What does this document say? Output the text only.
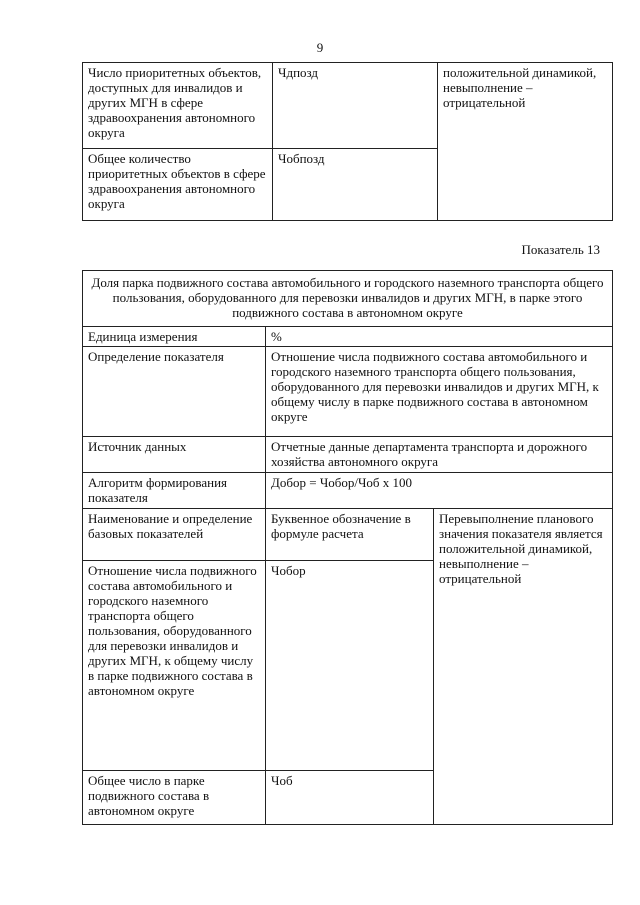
9
Число приоритетных объектов, доступных для инвалидов и других МГН в сфере здравоохранения автономного округа	Чдпозд	положительной динамикой, невыполнение – отрицательной
Общее количество приоритетных объектов в сфере здравоохранения автономного округа	Чобпозд	
Показатель 13
Доля парка подвижного состава автомобильного и городского наземного транспорта общего пользования, оборудованного для перевозки инвалидов и других МГН, в парке этого подвижного состава в автономном округе		
Единица измерения	%	
Определение показателя	Отношение числа подвижного состава автомобильного и городского наземного транспорта общего пользования, оборудованного для перевозки инвалидов и других МГН, к общему числу в парке подвижного состава в автономном округе	
Источник данных	Отчетные данные департамента транспорта и дорожного хозяйства автономного округа	
Алгоритм формирования показателя	Добор = Чобор/Чоб х 100	
Наименование и определение базовых показателей	Буквенное обозначение в формуле расчета	Перевыполнение планового значения показателя является положительной динамикой, невыполнение – отрицательной
Отношение числа подвижного состава автомобильного и городского наземного транспорта общего пользования, оборудованного для перевозки инвалидов и других МГН, к общему числу в парке подвижного состава в автономном округе	Чобор	
Общее число в парке подвижного состава в автономном округе	Чоб	
